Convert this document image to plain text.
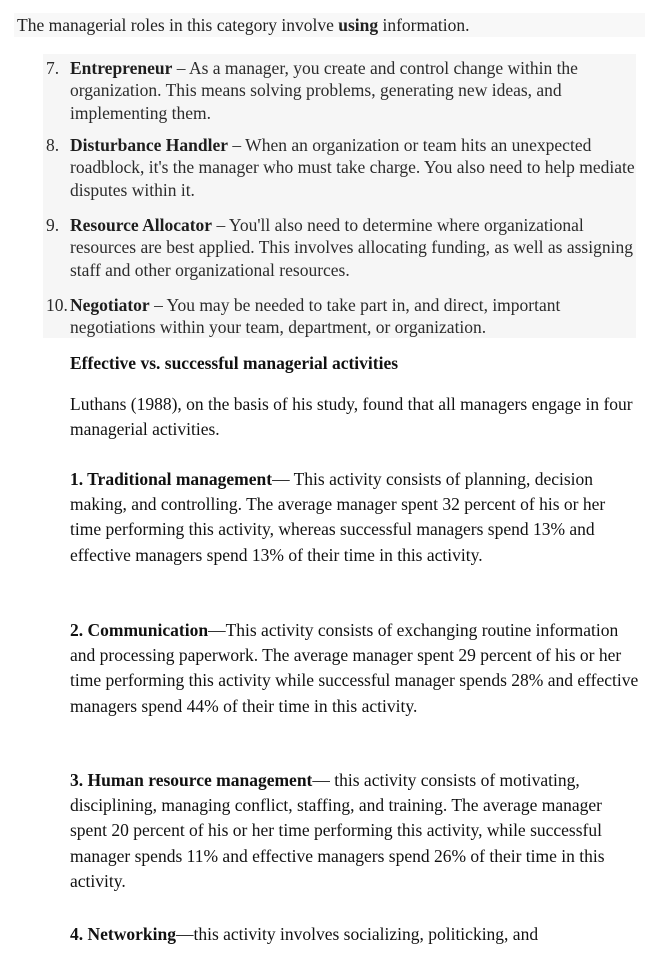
The managerial roles in this category involve using information.
7. Entrepreneur – As a manager, you create and control change within the organization. This means solving problems, generating new ideas, and implementing them.
8. Disturbance Handler – When an organization or team hits an unexpected roadblock, it's the manager who must take charge. You also need to help mediate disputes within it.
9. Resource Allocator – You'll also need to determine where organizational resources are best applied. This involves allocating funding, as well as assigning staff and other organizational resources.
10. Negotiator – You may be needed to take part in, and direct, important negotiations within your team, department, or organization.
Effective vs. successful managerial activities
Luthans (1988), on the basis of his study, found that all managers engage in four managerial activities.
1. Traditional management— This activity consists of planning, decision making, and controlling. The average manager spent 32 percent of his or her time performing this activity, whereas successful managers spend 13% and effective managers spend 13% of their time in this activity.
2. Communication—This activity consists of exchanging routine information and processing paperwork. The average manager spent 29 percent of his or her time performing this activity while successful manager spends 28% and effective managers spend 44% of their time in this activity.
3. Human resource management— this activity consists of motivating, disciplining, managing conflict, staffing, and training. The average manager spent 20 percent of his or her time performing this activity, while successful manager spends 11% and effective managers spend 26% of their time in this activity.
4. Networking—this activity involves socializing, politicking, and
